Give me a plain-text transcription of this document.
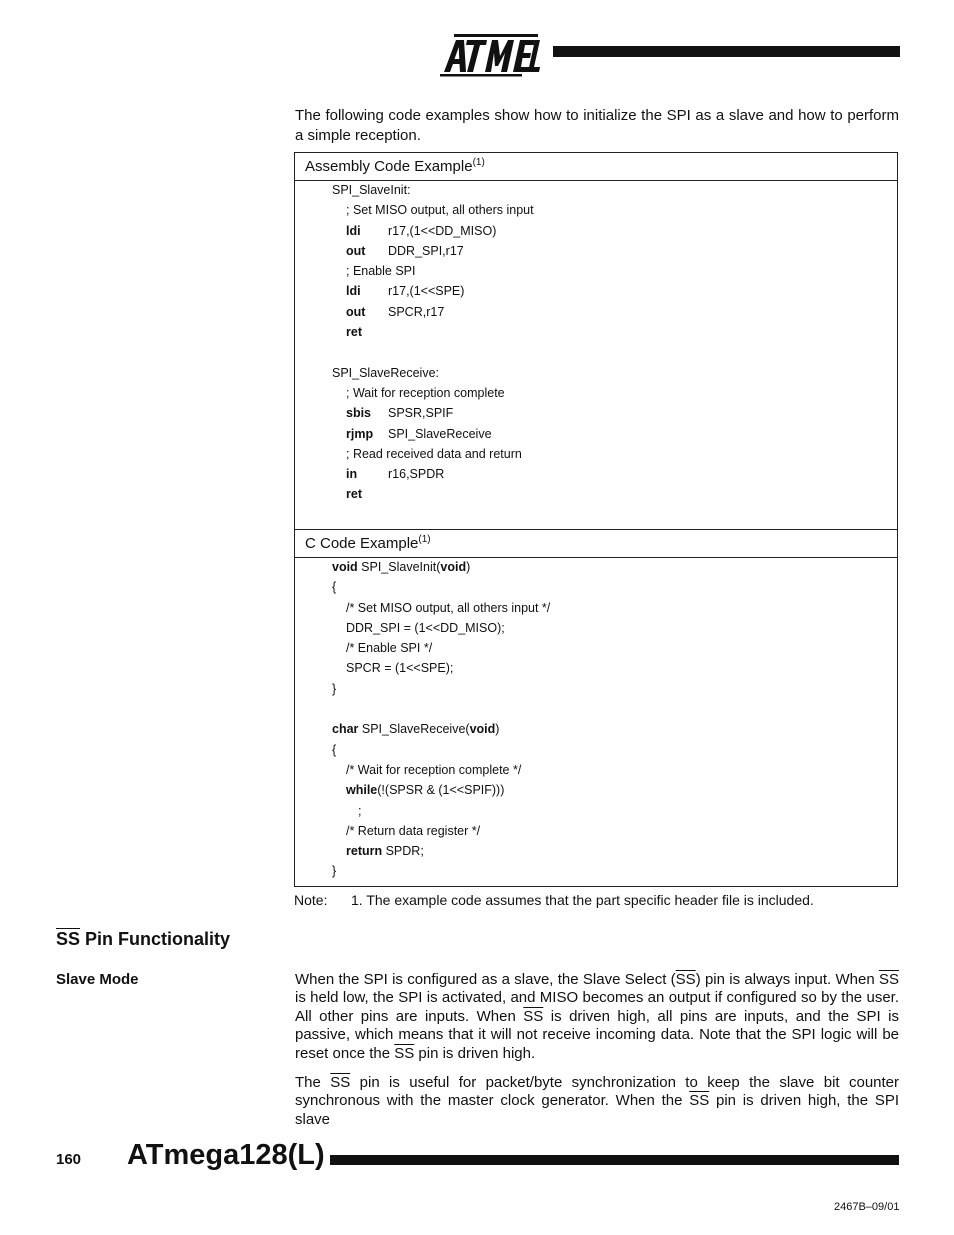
The following code examples show how to initialize the SPI as a slave and how to perform a simple reception.

Assembly Code Example$^{(1)}$
SPI_SlaveInit:
; Set MISO output, all others input
ldi r17,(1<<DD_MISO)
out DDR_SPI,r17
; Enable SPI
ldi r17,(1<<SPE)
out SPCR,r17
ret
SPI_SlaveReceive:
; Wait for reception complete
sbis SPSR,SPIF
rjmp SPI_SlaveReceive
; Read received data and return
in r16,SPDR
ret
C Code Example$^{(1)}$
void SPI_SlaveInit(void)
{
/* Set MISO output, all others input */
DDR_SPI = (1<<DD_MISO);
/* Enable SPI */
SPCR = (1<<SPE);
}
char SPI_SlaveReceive(void)
{
/* Wait for reception complete */
while(!(SPSR & (1<<SPIF)))
;
/* Return data register */
return SPDR;
}
Note: 1. The example code assumes that the part specific header file is included.
$\overline{SS}$ Pin Functionality
Slave Mode	When the SPI is configured as a slave, the Slave Select $(\overline{SS})$ pin is always input. When $\overline{SS}$ is held low, the SPI is activated, and MISO becomes an output if configured so by the user. All other pins are inputs. When $\overline{SS}$ is driven high, all pins are inputs, and the SPI is passive, which means that it will not receive incoming data. Note that the SPI logic will be reset once the $\overline{SS}$ pin is driven high.

The $\overline{SS}$ pin is useful for packet/byte synchronization to keep the slave bit counter synchronous with the master clock generator. When the $\overline{SS}$ pin is driven high, the SPI slave

160 ATmega128(L)
2467B–09/01
